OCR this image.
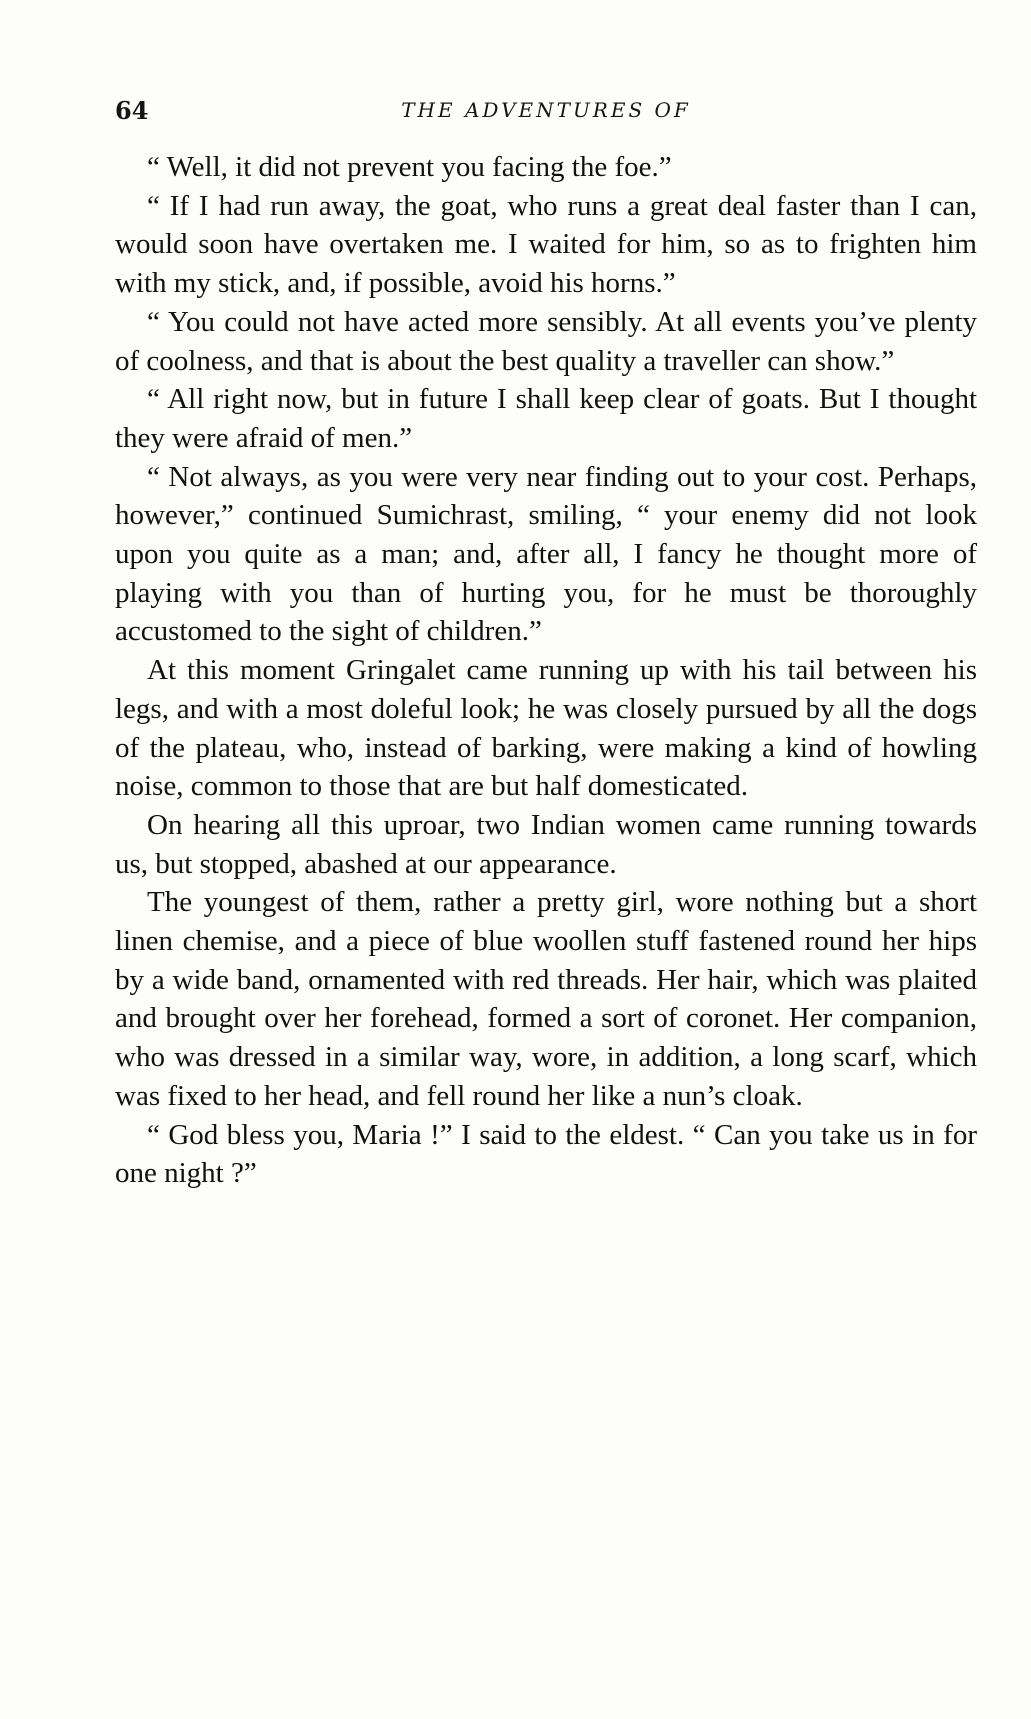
64	THE ADVENTURES OF

“ Well, it did not prevent you facing the foe.”

“ If I had run away, the goat, who runs a great deal faster than I can, would soon have overtaken me. I waited for him, so as to frighten him with my stick, and, if possible, avoid his horns.”

“ You could not have acted more sensibly. At all events you’ve plenty of coolness, and that is about the best quality a traveller can show.”

“ All right now, but in future I shall keep clear of goats. But I thought they were afraid of men.”

“ Not always, as you were very near finding out to your cost. Perhaps, however,” continued Sumichrast, smiling, “ your enemy did not look upon you quite as a man; and, after all, I fancy he thought more of playing with you than of hurting you, for he must be thoroughly accustomed to the sight of children.”

At this moment Gringalet came running up with his tail between his legs, and with a most doleful look; he was closely pursued by all the dogs of the plateau, who, instead of barking, were making a kind of howling noise, common to those that are but half domesticated.

On hearing all this uproar, two Indian women came running towards us, but stopped, abashed at our appearance.

The youngest of them, rather a pretty girl, wore nothing but a short linen chemise, and a piece of blue woollen stuff fastened round her hips by a wide band, ornamented with red threads. Her hair, which was plaited and brought over her forehead, formed a sort of coronet. Her companion, who was dressed in a similar way, wore, in addition, a long scarf, which was fixed to her head, and fell round her like a nun’s cloak.

“ God bless you, Maria !” I said to the eldest. “ Can you take us in for one night ?”
